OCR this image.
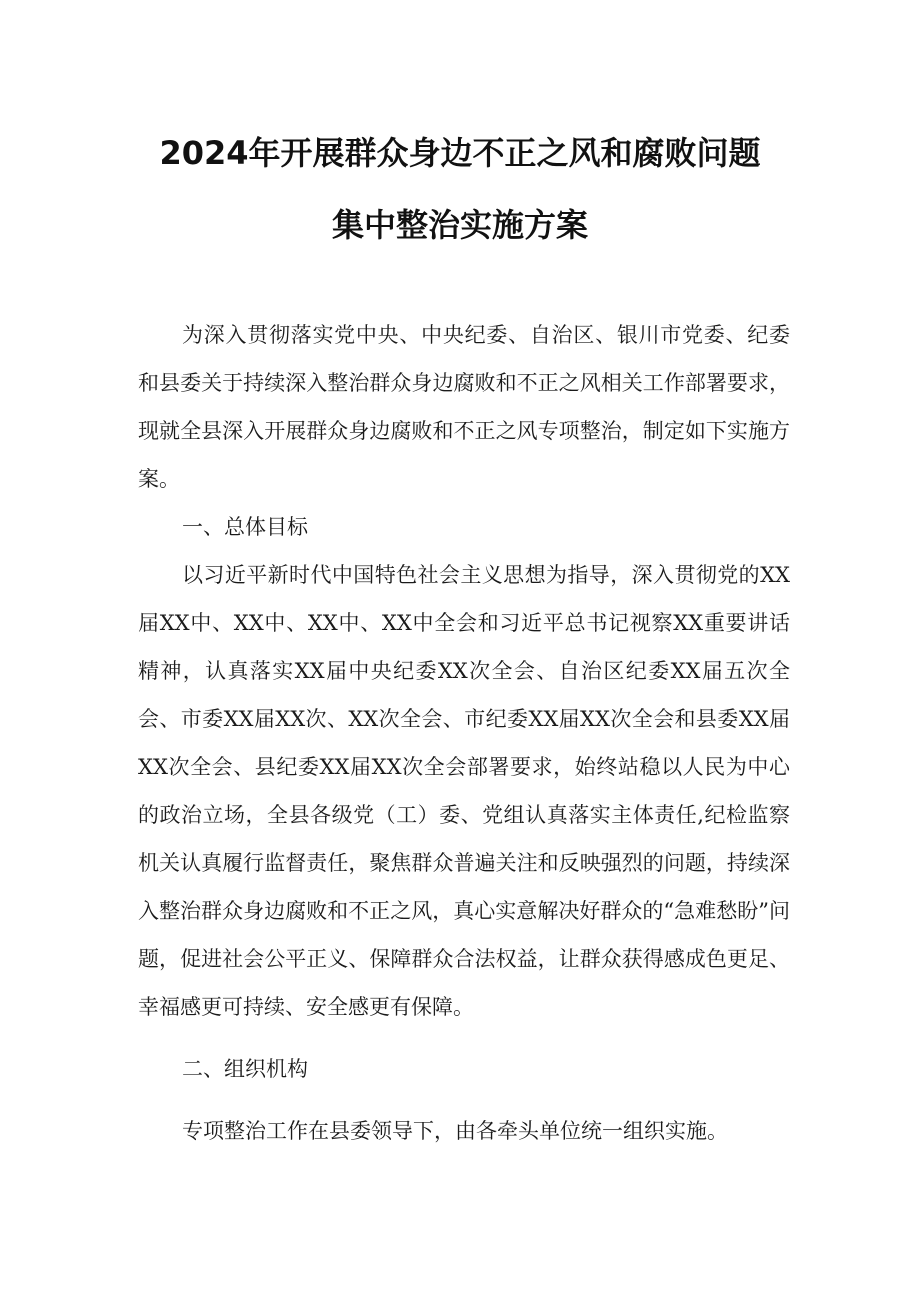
2024年开展群众身边不正之风和腐败问题
集中整治实施方案

为深入贯彻落实党中央、中央纪委、自治区、银川市党委、纪委和县委关于持续深入整治群众身边腐败和不正之风相关工作部署要求，现就全县深入开展群众身边腐败和不正之风专项整治，制定如下实施方案。

一、总体目标

以习近平新时代中国特色社会主义思想为指导，深入贯彻党的XX届XX中、XX中、XX中、XX中全会和习近平总书记视察XX重要讲话精神，认真落实XX届中央纪委XX次全会、自治区纪委XX届五次全会、市委XX届XX次、XX次全会、市纪委XX届XX次全会和县委XX届XX次全会、县纪委XX届XX次全会部署要求，始终站稳以人民为中心的政治立场，全县各级党（工）委、党组认真落实主体责任,纪检监察机关认真履行监督责任，聚焦群众普遍关注和反映强烈的问题，持续深入整治群众身边腐败和不正之风，真心实意解决好群众的“急难愁盼”问题，促进社会公平正义、保障群众合法权益，让群众获得感成色更足、幸福感更可持续、安全感更有保障。

二、组织机构

专项整治工作在县委领导下，由各牵头单位统一组织实施。
